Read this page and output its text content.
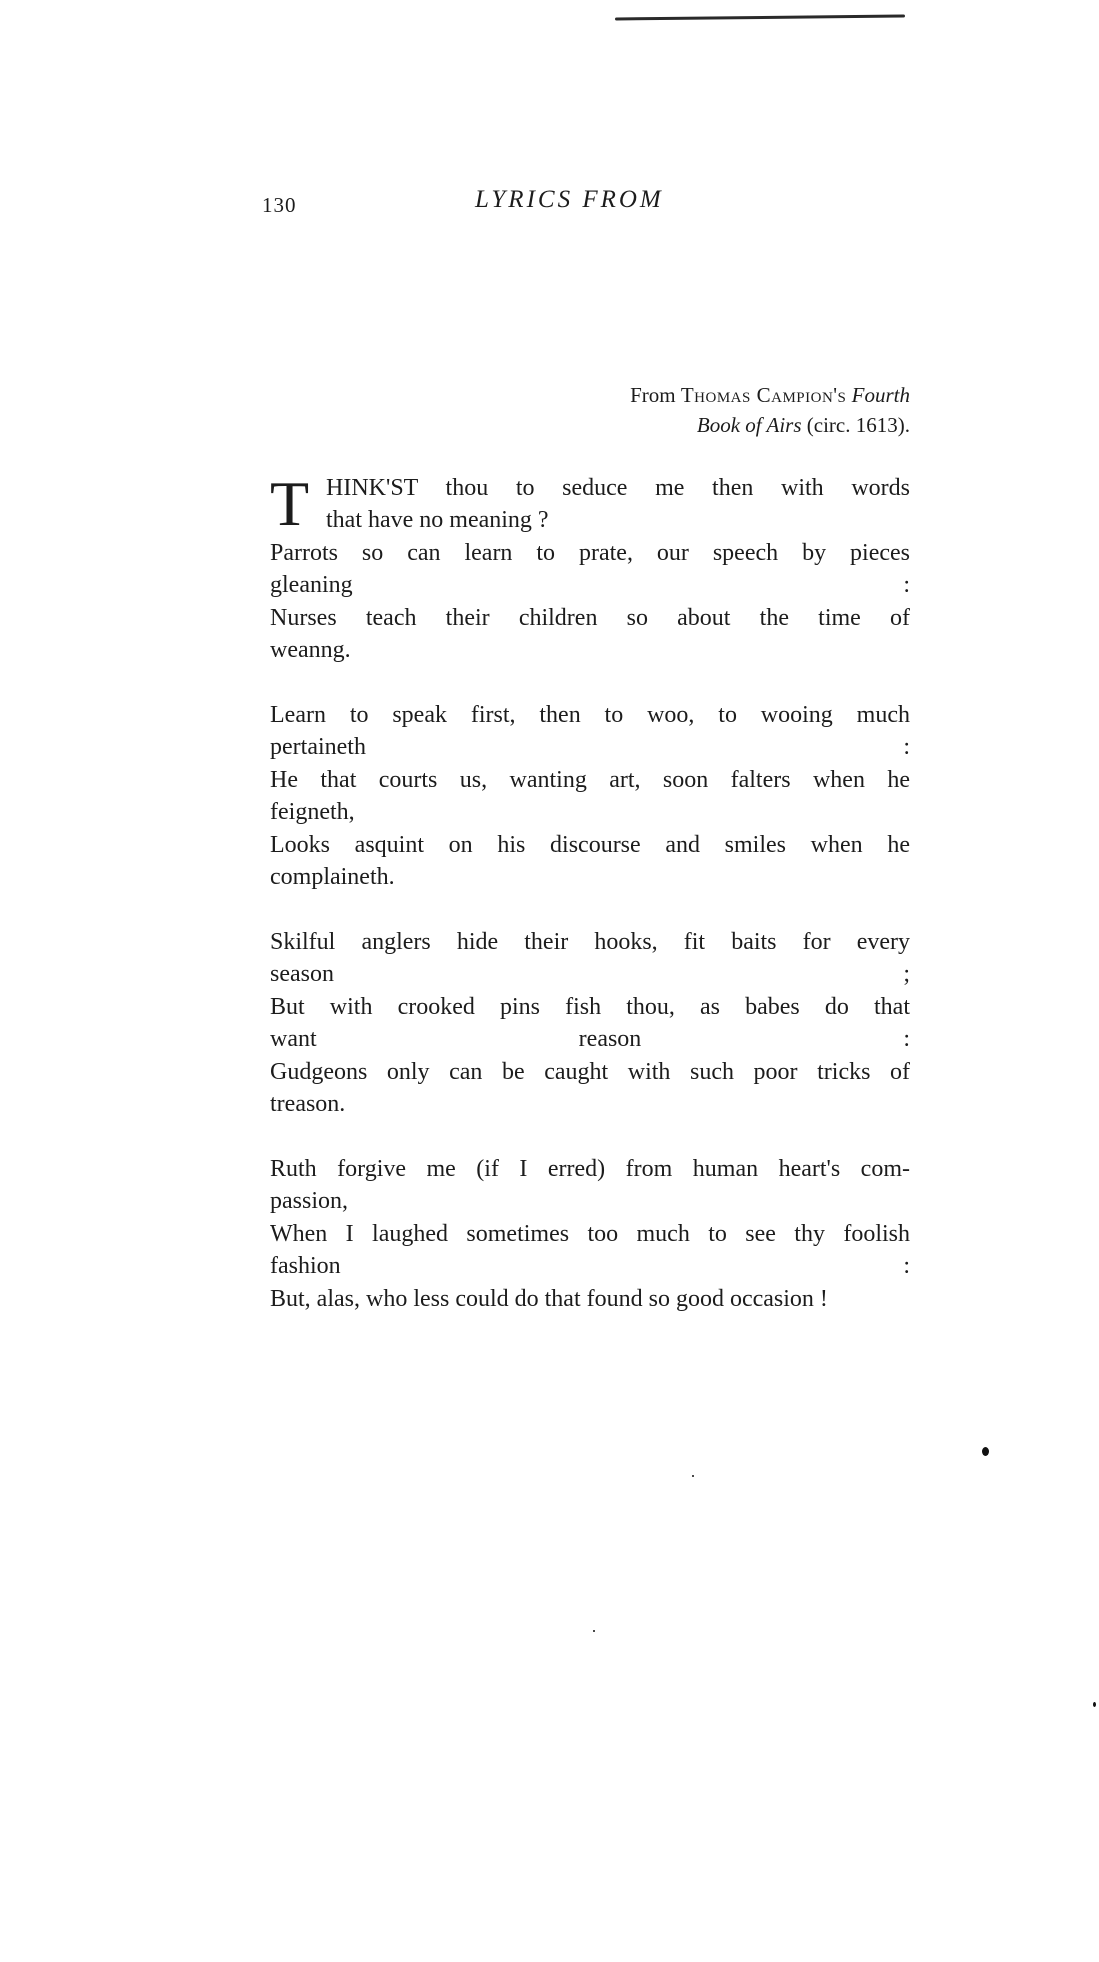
130	LYRICS FROM
From Thomas Campion's Fourth
Book of Airs (circ. 1613).
T HINK'ST thou to seduce me then with words
that have no meaning ?
Parrots so can learn to prate, our speech by pieces
gleaning :
Nurses teach their children so about the time of
weanng.
Learn to speak first, then to woo, to wooing much
pertaineth :
He that courts us, wanting art, soon falters when he
feigneth,
Looks asquint on his discourse and smiles when he
complaineth.
Skilful anglers hide their hooks, fit baits for every
season ;
But with crooked pins fish thou, as babes do that
want reason :
Gudgeons only can be caught with such poor tricks of
treason.
Ruth forgive me (if I erred) from human heart's com-
passion,
When I laughed sometimes too much to see thy foolish
fashion :
But, alas, who less could do that found so good occasion !
